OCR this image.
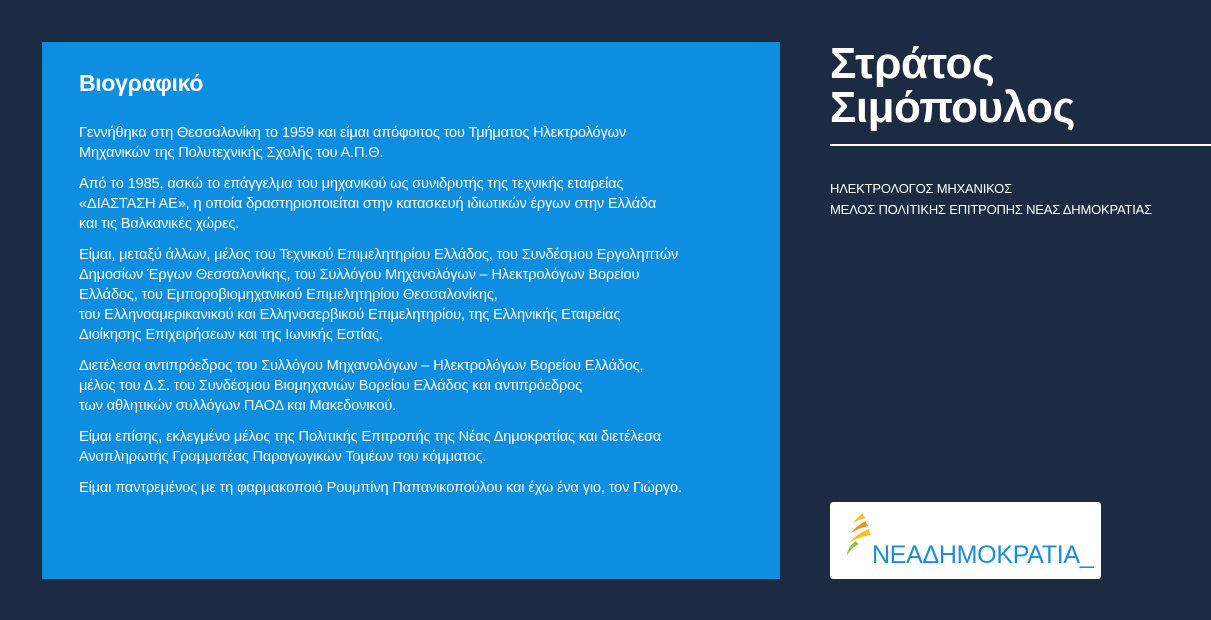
Βιογραφικό

Γεννήθηκα στη Θεσσαλονίκη το 1959 και είμαι απόφοιτος του Τμήματος Ηλεκτρολόγων
Μηχανικών της Πολυτεχνικής Σχολής του Α.Π.Θ.

Από το 1985, ασκώ το επάγγελμα του μηχανικού ως συνιδρυτής της τεχνικής εταιρείας
«ΔΙΑΣΤΑΣΗ ΑΕ», η οποία δραστηριοποιείται στην κατασκευή ιδιωτικών έργων στην Ελλάδα
και τις Βαλκανικές χώρες.

Είμαι, μεταξύ άλλων, μέλος του Τεχνικού Επιμελητηρίου Ελλάδος, του Συνδέσμου Εργοληπτών
Δημοσίων Έργων Θεσσαλονίκης, του Συλλόγου Μηχανολόγων – Ηλεκτρολόγων Βορείου
Ελλάδος, του Εμπορoβιομηχανικού Επιμελητηρίου Θεσσαλονίκης,
του Ελληνοαμερικανικού και Ελληνοσερβικού Επιμελητηρίου, της Ελληνικής Εταιρείας
Διοίκησης Επιχειρήσεων και της Ιωνικής Εστίας.

Διετέλεσα αντιπρόεδρος του Συλλόγου Μηχανολόγων – Ηλεκτρολόγων Βορείου Ελλάδος,
μέλος του Δ.Σ. του Συνδέσμου Βιομηχανιών Βορείου Ελλάδος και αντιπρόεδρος
των αθλητικών συλλόγων ΠΑΟΔ και Μακεδονικού.

Είμαι επίσης, εκλεγμένο μέλος της Πολιτικής Επιτροπής της Νέας Δημοκρατίας και διετέλεσα
Αναπληρωτής Γραμματέας Παραγωγικών Τομέων του κόμματος.

Είμαι παντρεμένος με τη φαρμακοποιό Ρουμπίνη Παπανικοπούλου και έχω ένα γιο, τον Γιώργο.

Στράτος
Σιμόπουλος
ΗΛΕΚΤΡΟΛΟΓΟΣ ΜΗΧΑΝΙΚΟΣ
ΜΕΛΟΣ ΠΟΛΙΤΙΚΗΣ ΕΠΙΤΡΟΠΗΣ ΝΕΑΣ ΔΗΜΟΚΡΑΤΙΑΣ
ΝΕΑΔΗΜΟΚΡΑΤΙΑ_
